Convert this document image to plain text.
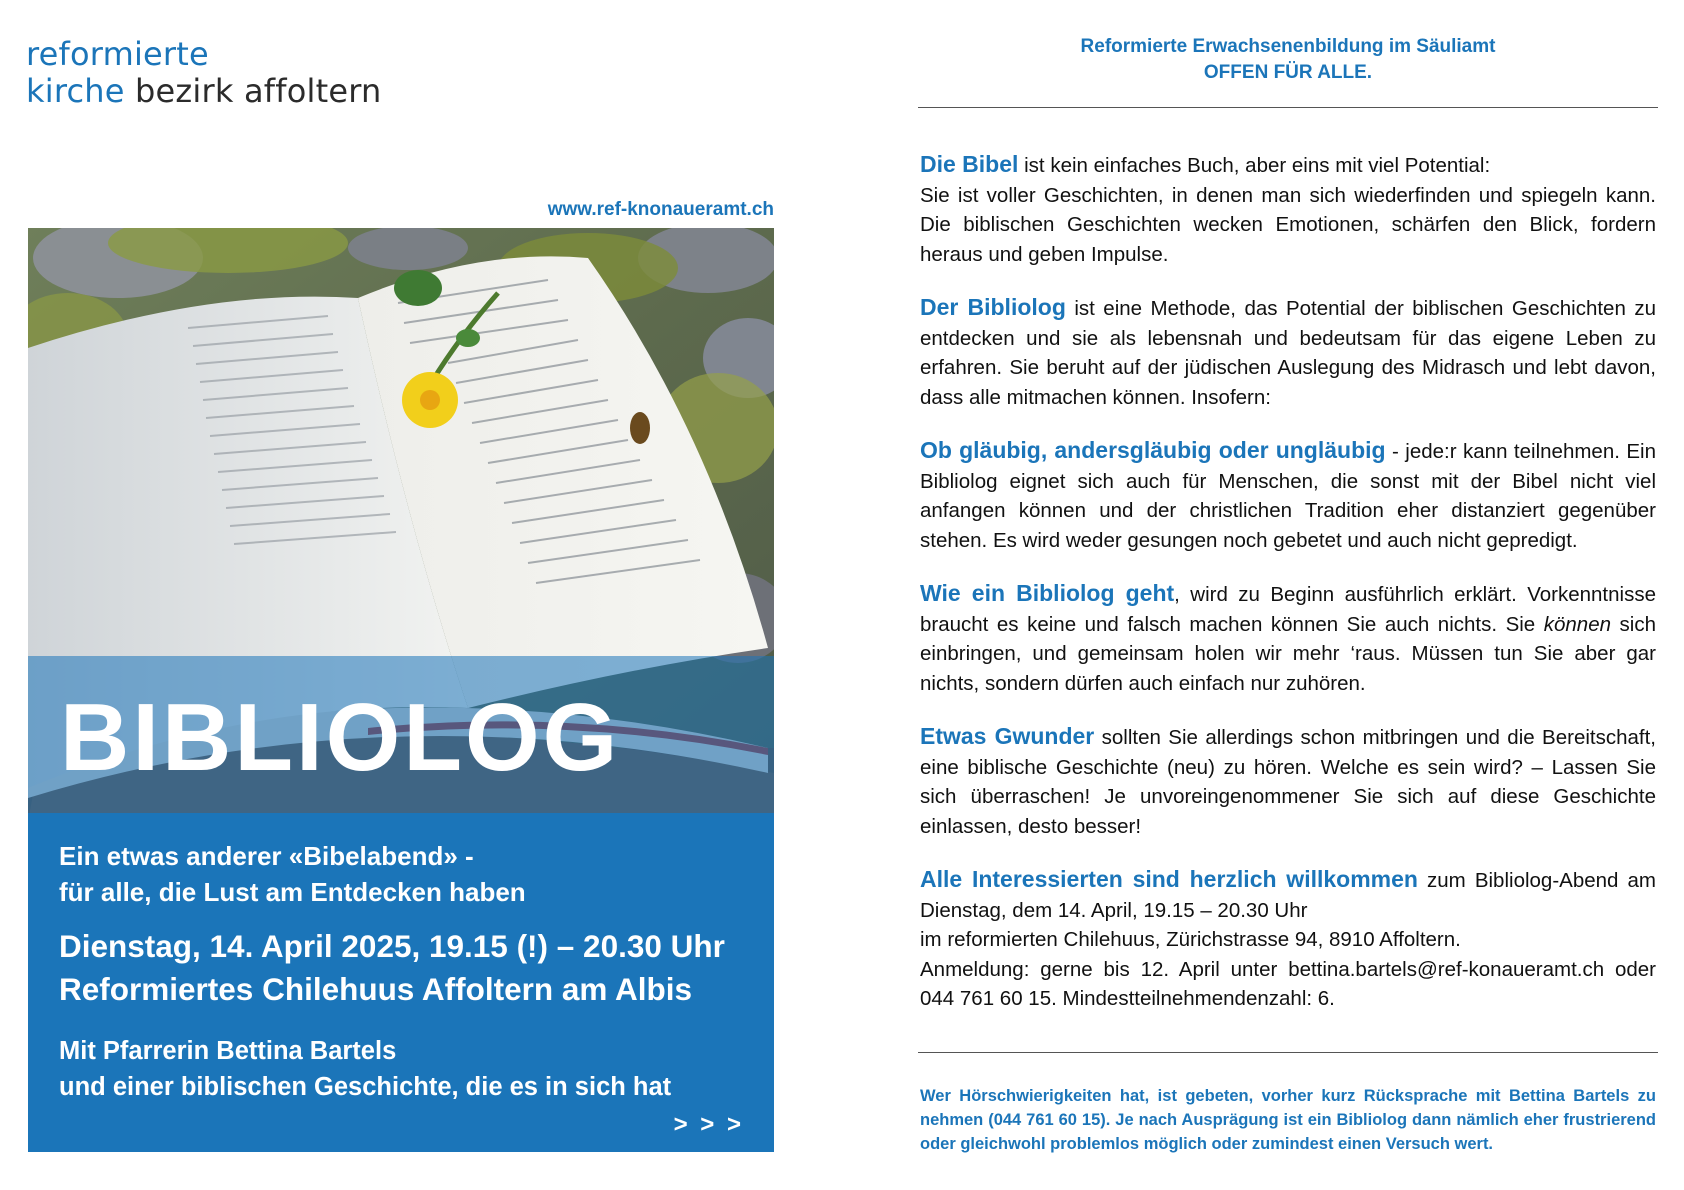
reformierte
kirche bezirk affoltern
www.ref-knonaueramt.ch
BIBLIOLOG
Ein etwas anderer «Bibelabend» -
für alle, die Lust am Entdecken haben
Dienstag, 14. April 2025, 19.15 (!) – 20.30 Uhr
Reformiertes Chilehuus Affoltern am Albis
Mit Pfarrerin Bettina Bartels
und einer biblischen Geschichte, die es in sich hat
> > >
Reformierte Erwachsenenbildung im Säuliamt
OFFEN FÜR ALLE.

Die Bibel ist kein einfaches Buch, aber eins mit viel Potential:
Sie ist voller Geschichten, in denen man sich wiederfinden und spiegeln kann. Die biblischen Geschichten wecken Emotionen, schärfen den Blick, fordern heraus und geben Impulse.

Der Bibliolog ist eine Methode, das Potential der biblischen Geschichten zu entdecken und sie als lebensnah und bedeutsam für das eigene Leben zu erfahren. Sie beruht auf der jüdischen Auslegung des Midrasch und lebt davon, dass alle mitmachen können. Insofern:

Ob gläubig, andersgläubig oder ungläubig - jede:r kann teilnehmen. Ein Bibliolog eignet sich auch für Menschen, die sonst mit der Bibel nicht viel anfangen können und der christlichen Tradition eher distanziert gegenüber stehen. Es wird weder gesungen noch gebetet und auch nicht gepredigt.

Wie ein Bibliolog geht, wird zu Beginn ausführlich erklärt. Vorkenntnisse braucht es keine und falsch machen können Sie auch nichts. Sie können sich einbringen, und gemeinsam holen wir mehr ‘raus. Müssen tun Sie aber gar nichts, sondern dürfen auch einfach nur zuhören.

Etwas Gwunder sollten Sie allerdings schon mitbringen und die Bereitschaft, eine biblische Geschichte (neu) zu hören. Welche es sein wird? – Lassen Sie sich überraschen! Je unvoreingenommener Sie sich auf diese Geschichte einlassen, desto besser!

Alle Interessierten sind herzlich willkommen zum Bibliolog-Abend am Dienstag, dem 14. April, 19.15 – 20.30 Uhr
im reformierten Chilehuus, Zürichstrasse 94, 8910 Affoltern.
Anmeldung: gerne bis 12. April unter bettina.bartels@ref-konaueramt.ch oder 044 761 60 15. Mindestteilnehmendenzahl: 6.

Wer Hörschwierigkeiten hat, ist gebeten, vorher kurz Rücksprache mit Bettina Bartels zu nehmen (044 761 60 15). Je nach Ausprägung ist ein Bibliolog dann nämlich eher frustrierend oder gleichwohl problemlos möglich oder zumindest einen Versuch wert.
